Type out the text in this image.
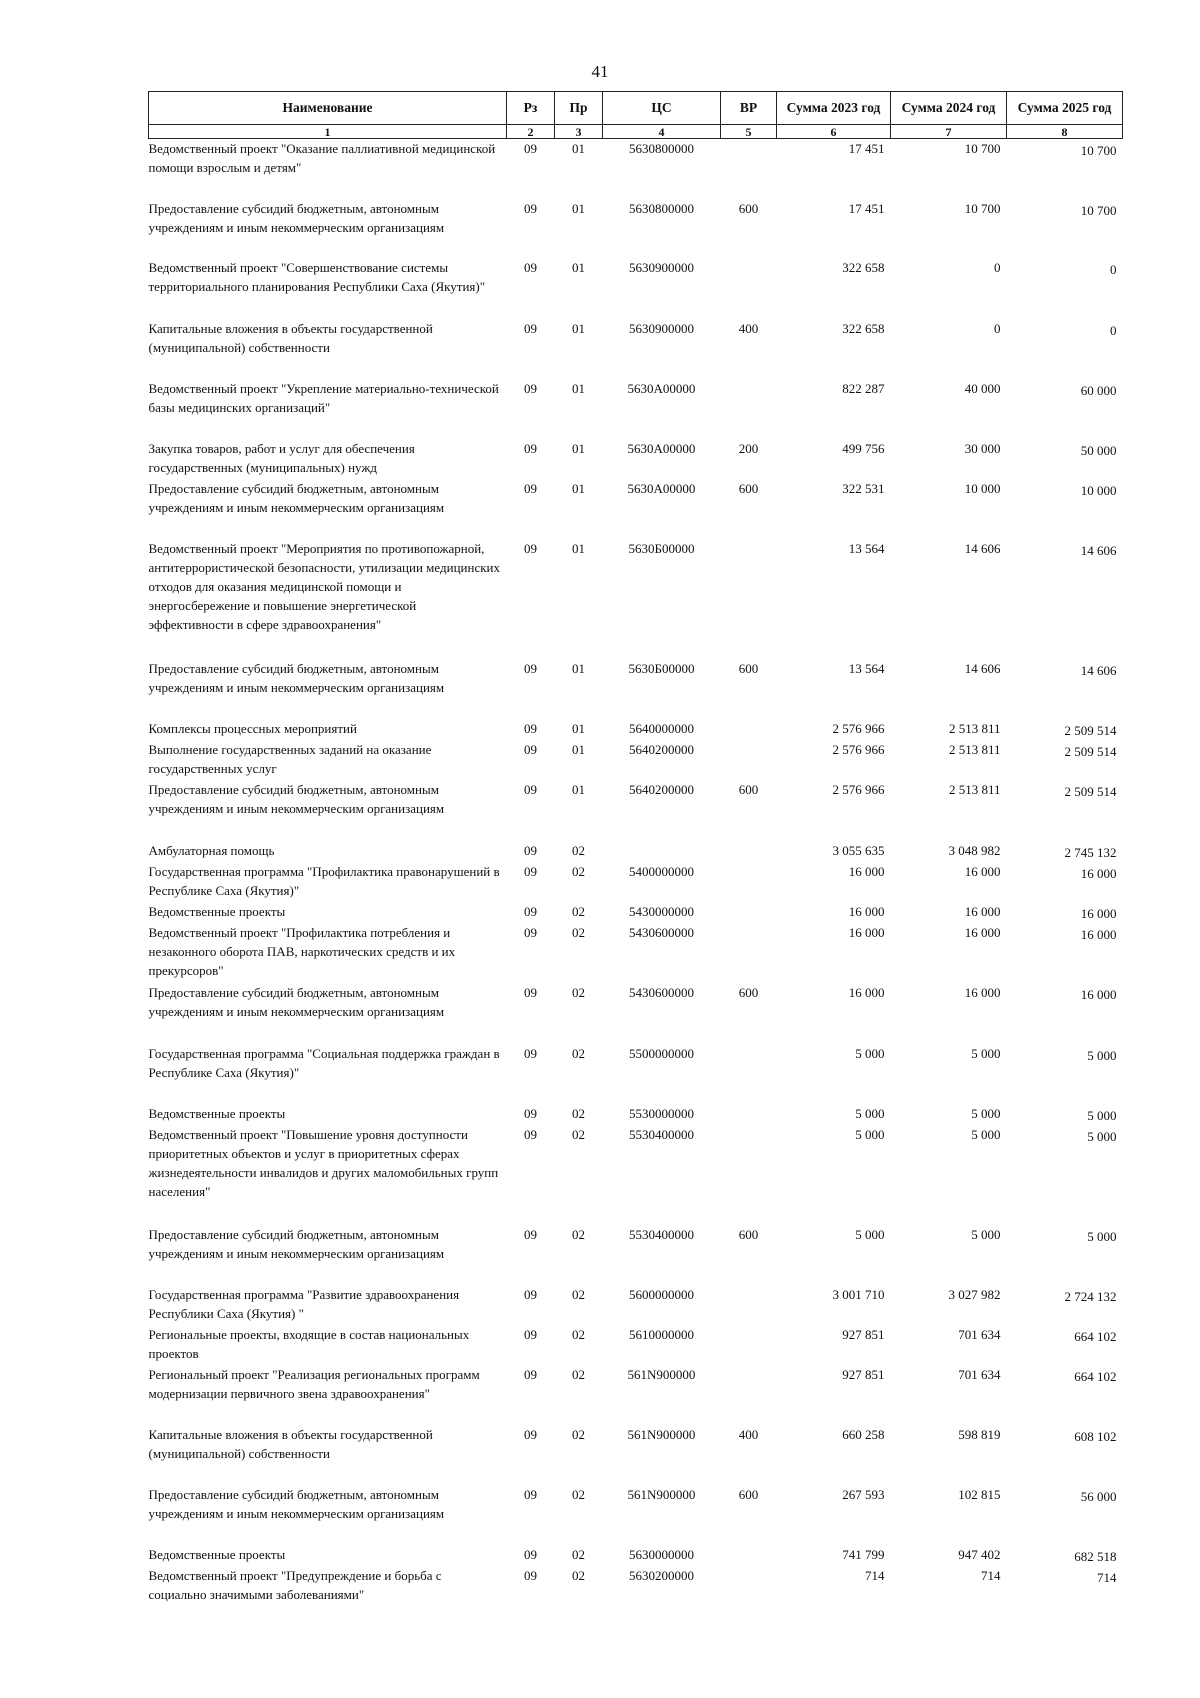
41
Наименование	Рз	Пр	ЦС	ВР	Сумма 2023 год	Сумма 2024 год	Сумма 2025 год
1	2	3	4	5	6	7	8
Ведомственный проект "Оказание паллиативной медицинской помощи взрослым и детям"	09	01	5630800000		17 451	10 700	10 700
Предоставление субсидий бюджетным, автономным учреждениям и иным некоммерческим организациям	09	01	5630800000	600	17 451	10 700	10 700
Ведомственный проект "Совершенствование системы территориального планирования Республики Саха (Якутия)"	09	01	5630900000		322 658	0	0
Капитальные вложения в объекты государственной (муниципальной) собственности	09	01	5630900000	400	322 658	0	0
Ведомственный проект "Укрепление материально-технической базы медицинских организаций"	09	01	5630А00000		822 287	40 000	60 000
Закупка товаров, работ и услуг для обеспечения государственных (муниципальных) нужд	09	01	5630А00000	200	499 756	30 000	50 000
Предоставление субсидий бюджетным, автономным учреждениям и иным некоммерческим организациям	09	01	5630А00000	600	322 531	10 000	10 000
Ведомственный проект "Мероприятия по противопожарной, антитеррористической безопасности, утилизации медицинских отходов для оказания медицинской помощи и энергосбережение и повышение энергетической эффективности в сфере здравоохранения"	09	01	5630Б00000		13 564	14 606	14 606
Предоставление субсидий бюджетным, автономным учреждениям и иным некоммерческим организациям	09	01	5630Б00000	600	13 564	14 606	14 606
Комплексы процессных мероприятий	09	01	5640000000		2 576 966	2 513 811	2 509 514
Выполнение государственных заданий на оказание государственных услуг	09	01	5640200000		2 576 966	2 513 811	2 509 514
Предоставление субсидий бюджетным, автономным учреждениям и иным некоммерческим организациям	09	01	5640200000	600	2 576 966	2 513 811	2 509 514
Амбулаторная помощь	09	02			3 055 635	3 048 982	2 745 132
Государственная программа "Профилактика правонарушений в Республике Саха (Якутия)"	09	02	5400000000		16 000	16 000	16 000
Ведомственные проекты	09	02	5430000000		16 000	16 000	16 000
Ведомственный проект "Профилактика потребления и незаконного оборота ПАВ, наркотических средств и их прекурсоров"	09	02	5430600000		16 000	16 000	16 000
Предоставление субсидий бюджетным, автономным учреждениям и иным некоммерческим организациям	09	02	5430600000	600	16 000	16 000	16 000
Государственная программа "Социальная поддержка граждан в Республике Саха (Якутия)"	09	02	5500000000		5 000	5 000	5 000
Ведомственные проекты	09	02	5530000000		5 000	5 000	5 000
Ведомственный проект "Повышение уровня доступности приоритетных объектов и услуг в приоритетных сферах жизнедеятельности инвалидов и других маломобильных групп населения"	09	02	5530400000		5 000	5 000	5 000
Предоставление субсидий бюджетным, автономным учреждениям и иным некоммерческим организациям	09	02	5530400000	600	5 000	5 000	5 000
Государственная программа "Развитие здравоохранения Республики Саха (Якутия) "	09	02	5600000000		3 001 710	3 027 982	2 724 132
Региональные проекты, входящие в состав национальных проектов	09	02	5610000000		927 851	701 634	664 102
Региональный проект "Реализация региональных программ модернизации первичного звена здравоохранения"	09	02	561N900000		927 851	701 634	664 102
Капитальные вложения в объекты государственной (муниципальной) собственности	09	02	561N900000	400	660 258	598 819	608 102
Предоставление субсидий бюджетным, автономным учреждениям и иным некоммерческим организациям	09	02	561N900000	600	267 593	102 815	56 000
Ведомственные проекты	09	02	5630000000		741 799	947 402	682 518
Ведомственный проект "Предупреждение и борьба с социально значимыми заболеваниями"	09	02	5630200000		714	714	714
